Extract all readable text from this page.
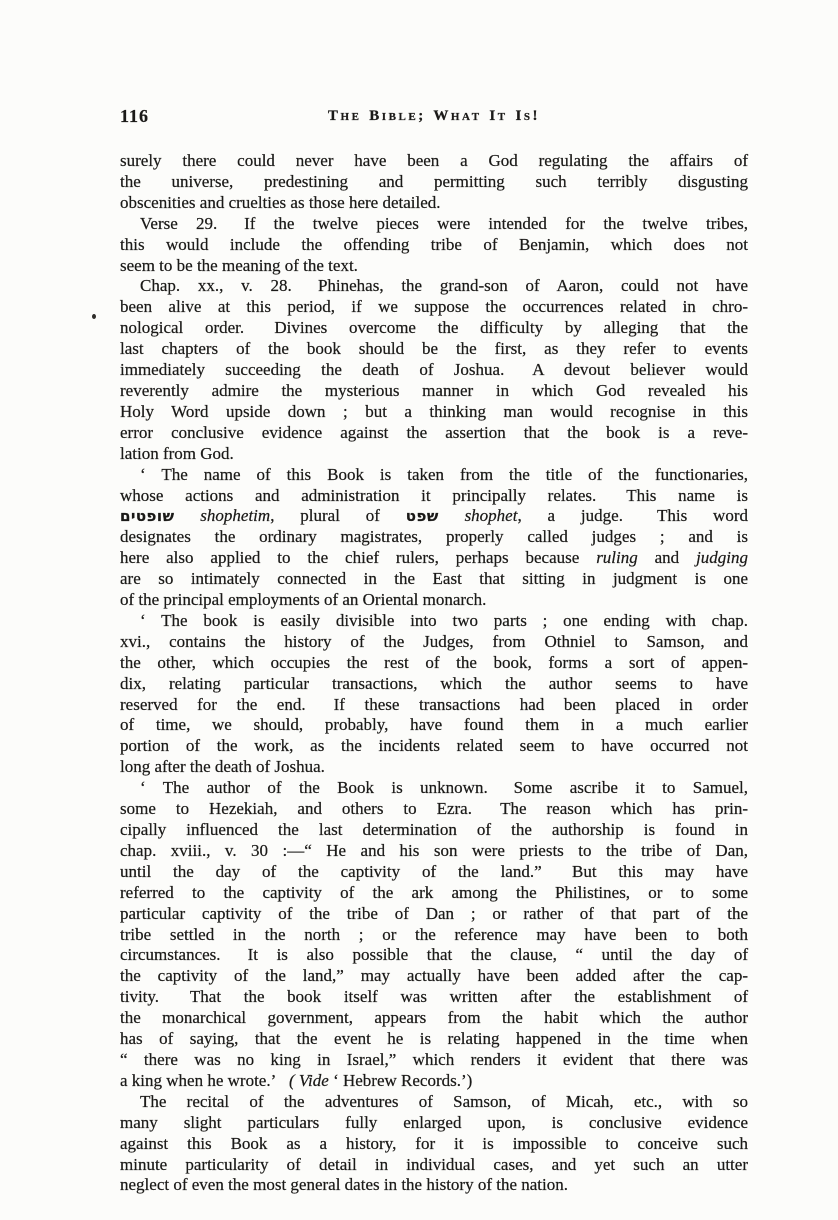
116	The Bible; What It Is!

surely there could never have been a God regulating the affairs of
the universe, predestining and permitting such terribly disgusting
obscenities and cruelties as those here detailed.

Verse 29.  If the twelve pieces were intended for the twelve tribes,
this would include the offending tribe of Benjamin, which does not
seem to be the meaning of the text.

Chap. xx., v. 28.  Phinehas, the grand-son of Aaron, could not have
been alive at this period, if we suppose the occurrences related in chro-
nological order.  Divines overcome the difficulty by alleging that the
last chapters of the book should be the first, as they refer to events
immediately succeeding the death of Joshua.  A devout believer would
reverently admire the mysterious manner in which God revealed his
Holy Word upside down ; but a thinking man would recognise in this
error conclusive evidence against the assertion that the book is a reve-
lation from God.

‘ The name of this Book is taken from the title of the functionaries,
whose actions and administration it principally relates.  This name is
שופטים shophetim, plural of שפט shophet, a judge.  This word
designates the ordinary magistrates, properly called judges ; and is
here also applied to the chief rulers, perhaps because ruling and judging
are so intimately connected in the East that sitting in judgment is one
of the principal employments of an Oriental monarch.

‘ The book is easily divisible into two parts ; one ending with chap.
xvi., contains the history of the Judges, from Othniel to Samson, and
the other, which occupies the rest of the book, forms a sort of appen-
dix, relating particular transactions, which the author seems to have
reserved for the end.  If these transactions had been placed in order
of time, we should, probably, have found them in a much earlier
portion of the work, as the incidents related seem to have occurred not
long after the death of Joshua.

‘ The author of the Book is unknown.  Some ascribe it to Samuel,
some to Hezekiah, and others to Ezra.  The reason which has prin-
cipally influenced the last determination of the authorship is found in
chap. xviii., v. 30 :—“ He and his son were priests to the tribe of Dan,
until the day of the captivity of the land.”  But this may have
referred to the captivity of the ark among the Philistines, or to some
particular captivity of the tribe of Dan ; or rather of that part of the
tribe settled in the north ; or the reference may have been to both
circumstances.  It is also possible that the clause, “ until the day of
the captivity of the land,” may actually have been added after the cap-
tivity.  That the book itself was written after the establishment of
the monarchical government, appears from the habit which the author
has of saying, that the event he is relating happened in the time when
“ there was no king in Israel,” which renders it evident that there was
a king when he wrote.’  ( Vide ‘ Hebrew Records.’)

The recital of the adventures of Samson, of Micah, etc., with so
many slight particulars fully enlarged upon, is conclusive evidence
against this Book as a history, for it is impossible to conceive such
minute particularity of detail in individual cases, and yet such an utter
neglect of even the most general dates in the history of the nation.
